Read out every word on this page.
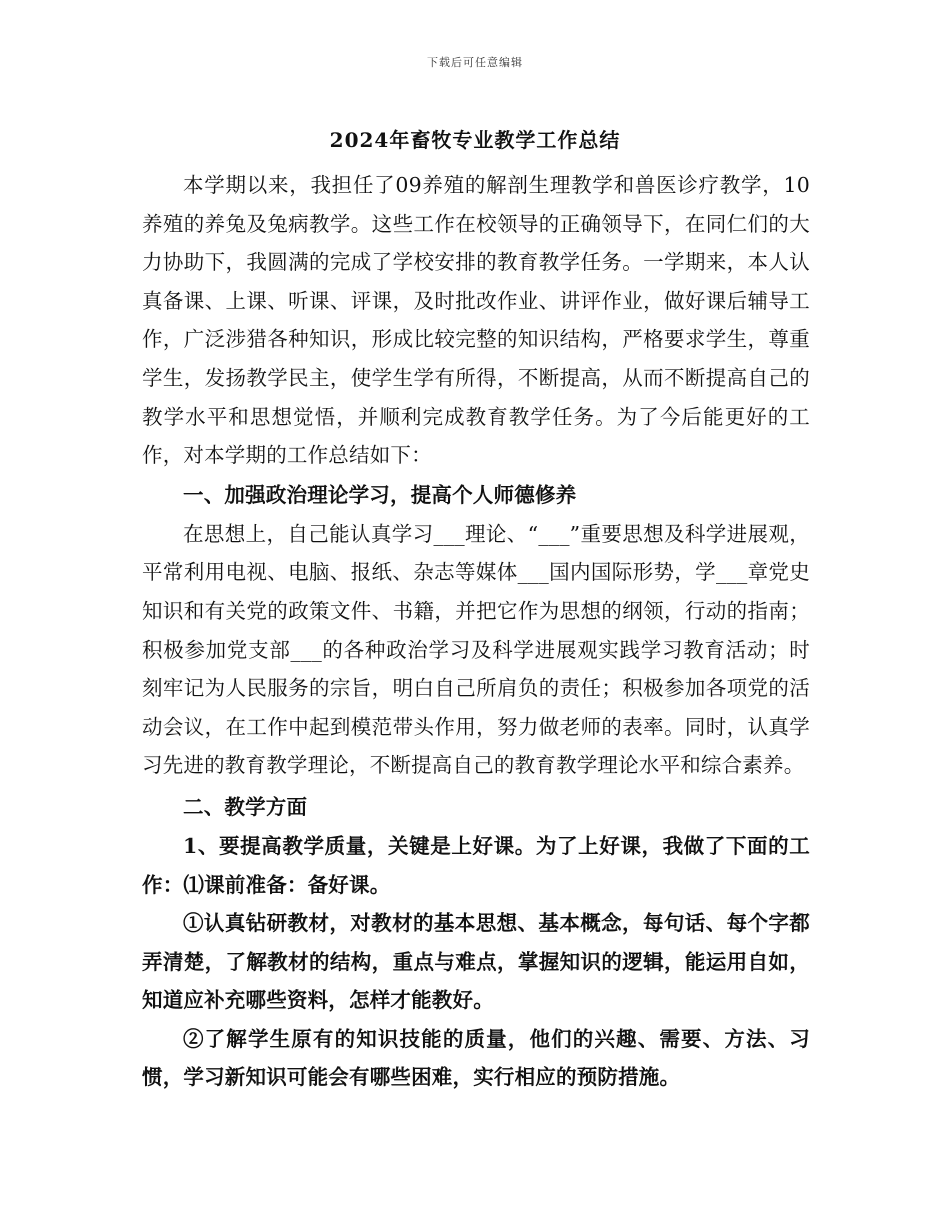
下载后可任意编辑
2024年畜牧专业教学工作总结

本学期以来，我担任了09养殖的解剖生理教学和兽医诊疗教学，10养殖的养兔及兔病教学。这些工作在校领导的正确领导下，在同仁们的大力协助下，我圆满的完成了学校安排的教育教学任务。一学期来，本人认真备课、上课、听课、评课，及时批改作业、讲评作业，做好课后辅导工作，广泛涉猎各种知识，形成比较完整的知识结构，严格要求学生，尊重学生，发扬教学民主，使学生学有所得，不断提高，从而不断提高自己的教学水平和思想觉悟，并顺利完成教育教学任务。为了今后能更好的工作，对本学期的工作总结如下：

一、加强政治理论学习，提高个人师德修养

在思想上，自己能认真学习___理论、“___”重要思想及科学进展观，平常利用电视、电脑、报纸、杂志等媒体___国内国际形势，学___章党史知识和有关党的政策文件、书籍，并把它作为思想的纲领，行动的指南；积极参加党支部___的各种政治学习及科学进展观实践学习教育活动；时刻牢记为人民服务的宗旨，明白自己所肩负的责任；积极参加各项党的活动会议，在工作中起到模范带头作用，努力做老师的表率。同时，认真学习先进的教育教学理论，不断提高自己的教育教学理论水平和综合素养。

二、教学方面

1、要提高教学质量，关键是上好课。为了上好课，我做了下面的工作：⑴课前准备：备好课。

①认真钻研教材，对教材的基本思想、基本概念，每句话、每个字都弄清楚，了解教材的结构，重点与难点，掌握知识的逻辑，能运用自如，知道应补充哪些资料，怎样才能教好。

②了解学生原有的知识技能的质量，他们的兴趣、需要、方法、习惯，学习新知识可能会有哪些困难，实行相应的预防措施。
